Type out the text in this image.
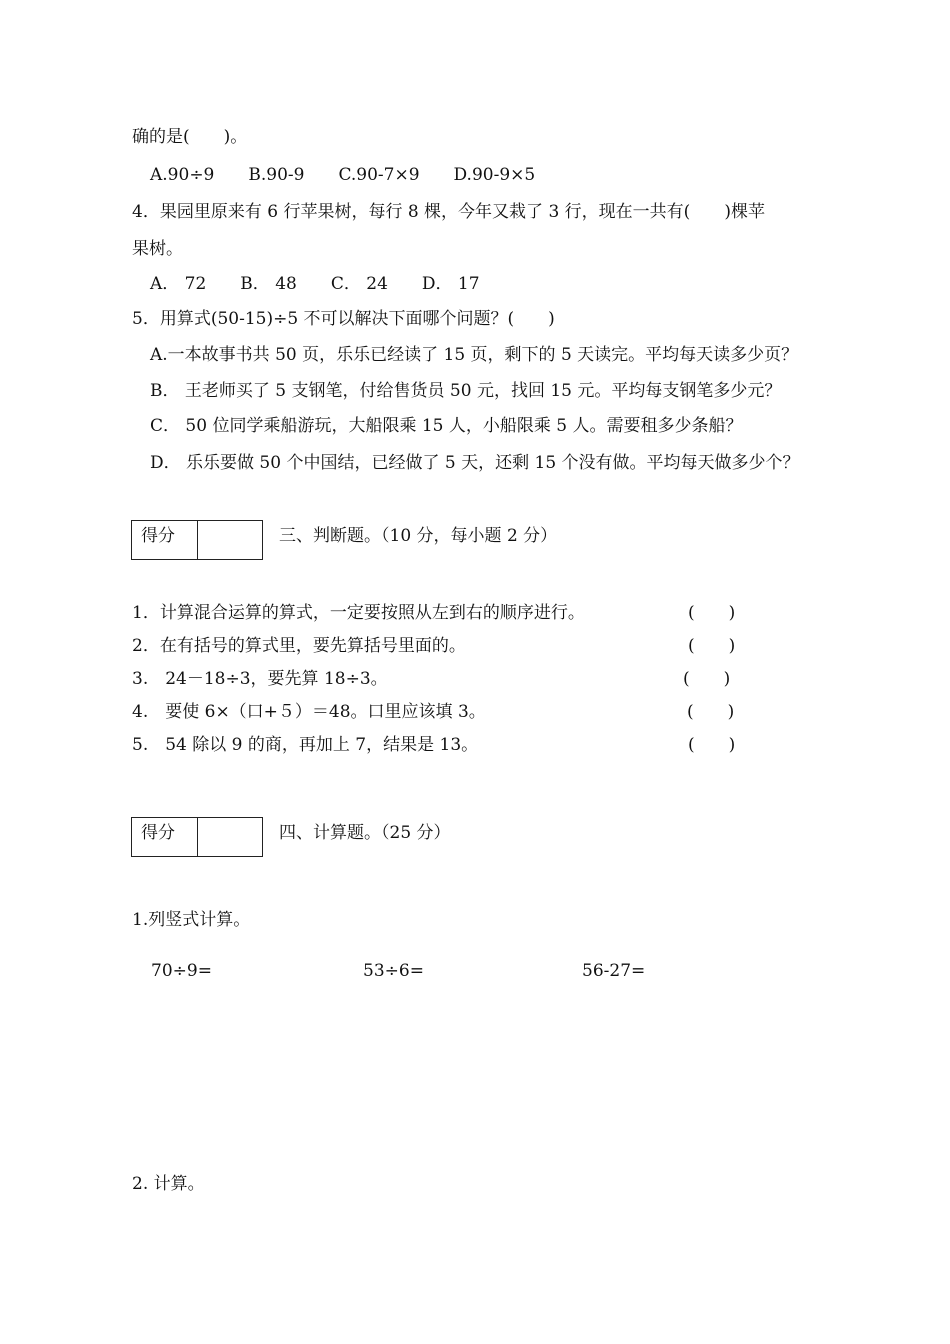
确的是(　　)。
A.90÷9　　B.90-9　　C.90-7×9　　D.90-9×5
4．果园里原来有 6 行苹果树，每行 8 棵，今年又栽了 3 行，现在一共有(　　)棵苹
果树。
A． 72　　B． 48　　C． 24　　D． 17
5．用算式(50-15)÷5 不可以解决下面哪个问题？(　　)
A.一本故事书共 50 页，乐乐已经读了 15 页，剩下的 5 天读完。平均每天读多少页？
B． 王老师买了 5 支钢笔，付给售货员 50 元，找回 15 元。平均每支钢笔多少元？
C． 50 位同学乘船游玩，大船限乘 15 人，小船限乘 5 人。需要租多少条船？
D． 乐乐要做 50 个中国结，已经做了 5 天，还剩 15 个没有做。平均每天做多少个？
得分	三、判断题。（10 分，每小题 2 分）
1．计算混合运算的算式，一定要按照从左到右的顺序进行。	(　　)
2．在有括号的算式里，要先算括号里面的。	(　　)
3.　24－18÷3，要先算 18÷3。	(　　)
4.　要使 6×（口+５）＝48。口里应该填 3。	(　　)
5.　54 除以 9 的商，再加上 7，结果是 13。	(　　)
得分	四、计算题。（25 分）
1.列竖式计算。
70÷9=	53÷6=	56-27=
2. 计算。
